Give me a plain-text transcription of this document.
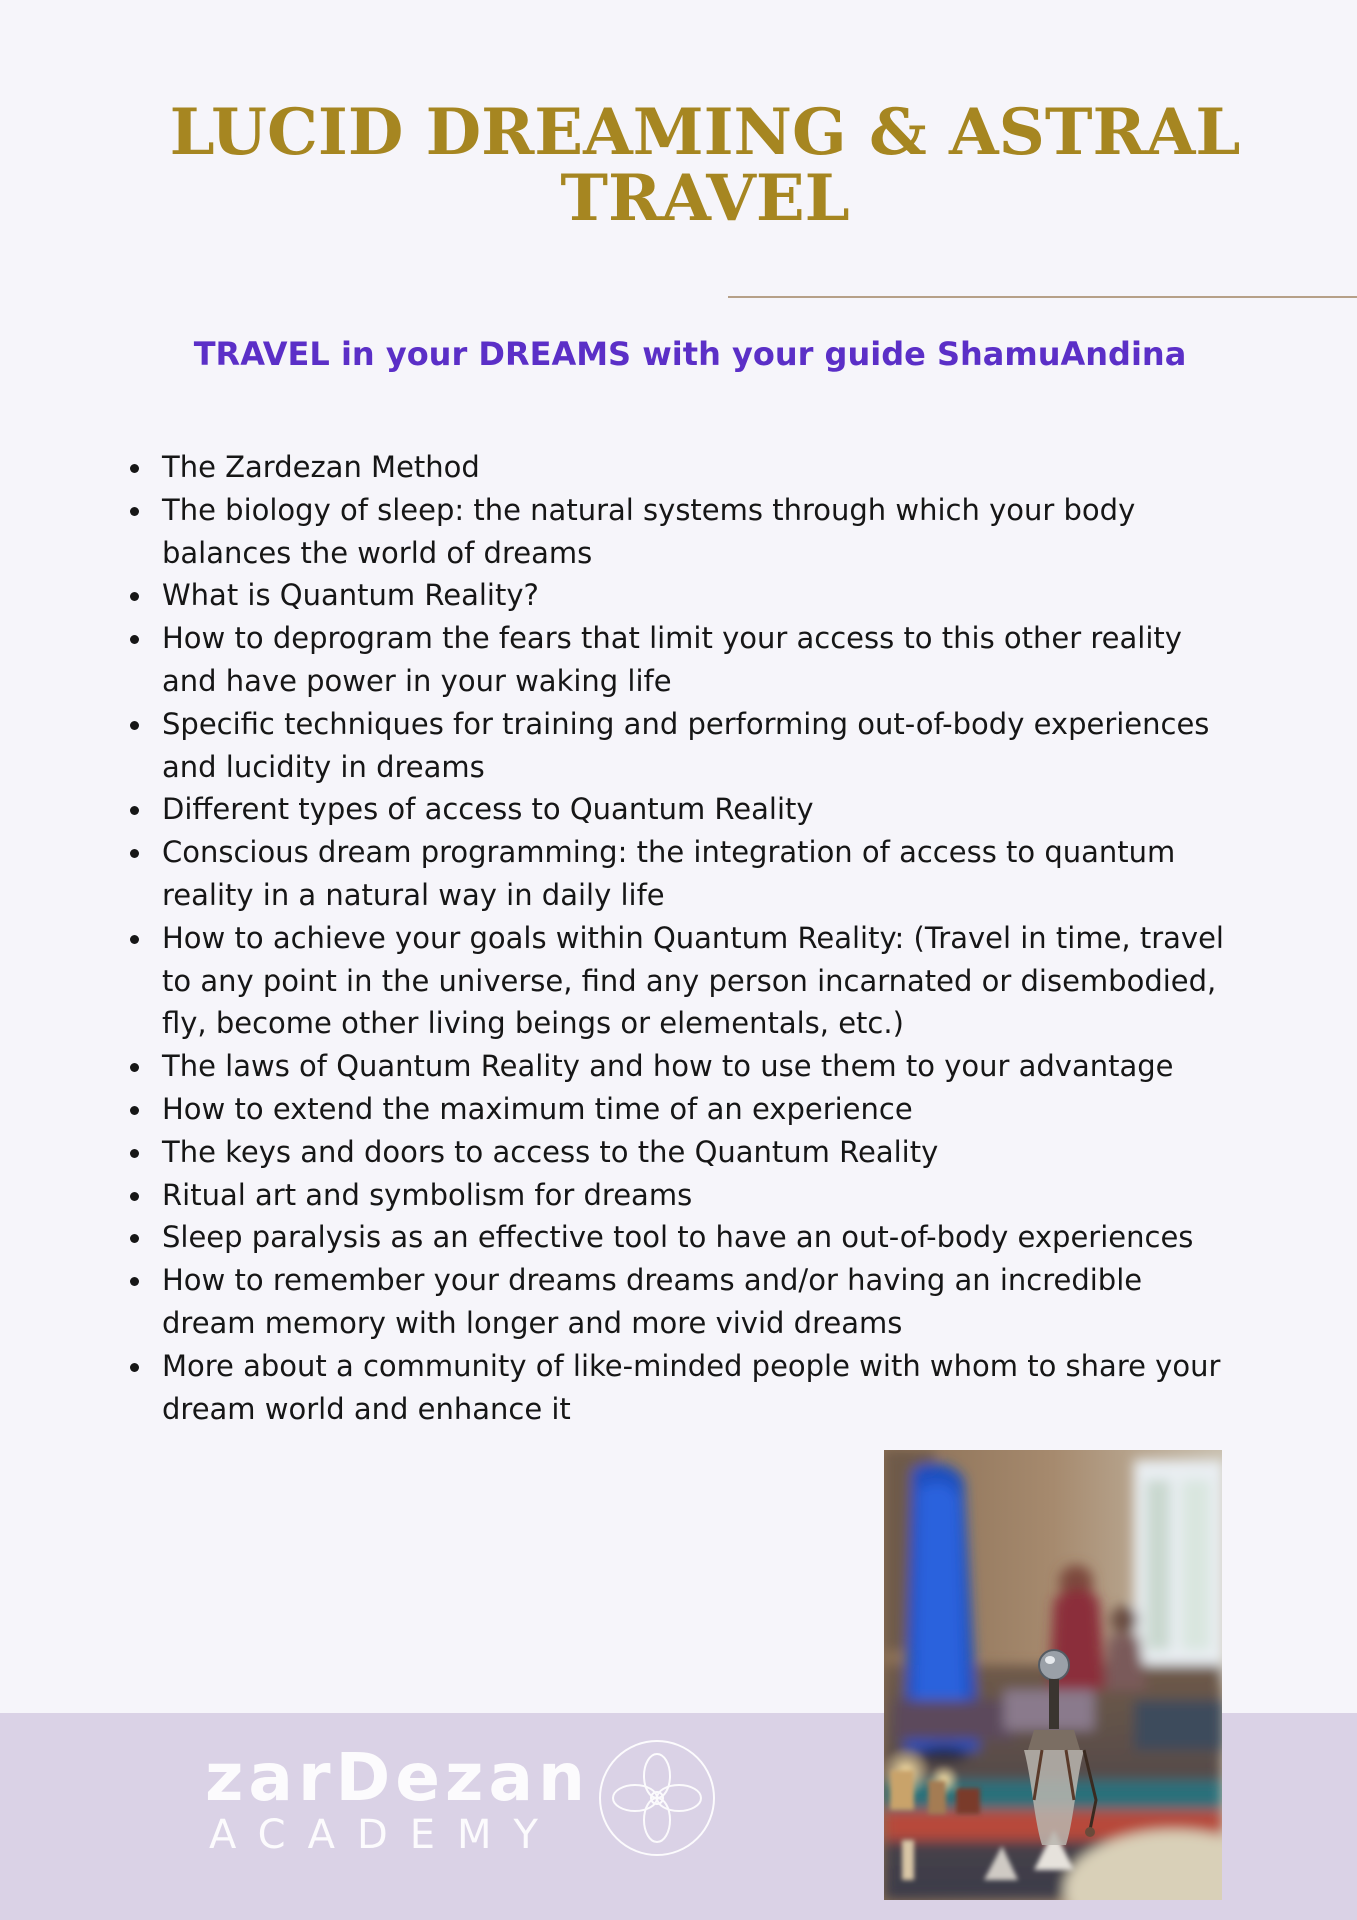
LUCID DREAMING & ASTRAL TRAVEL
TRAVEL in your DREAMS with your guide ShamuAndina
The Zardezan Method
The biology of sleep: the natural systems through which your body balances the world of dreams
What is Quantum Reality?
How to deprogram the fears that limit your access to this other reality and have power in your waking life
Specific techniques for training and performing out-of-body experiences and lucidity in dreams
Different types of access to Quantum Reality
Conscious dream programming: the integration of access to quantum reality in a natural way in daily life
How to achieve your goals within Quantum Reality: (Travel in time, travel to any point in the universe, find any person incarnated or disembodied, fly, become other living beings or elementals, etc.)
The laws of Quantum Reality and how to use them to your advantage
How to extend the maximum time of an experience
The keys and doors to access to the Quantum Reality
Ritual art and symbolism for dreams
Sleep paralysis as an effective tool to have an out-of-body experiences
How to remember your dreams dreams and/or having an incredible dream memory with longer and more vivid dreams
More about a community of like-minded people with whom to share your dream world and enhance it
zarDezan
ACADEMY
